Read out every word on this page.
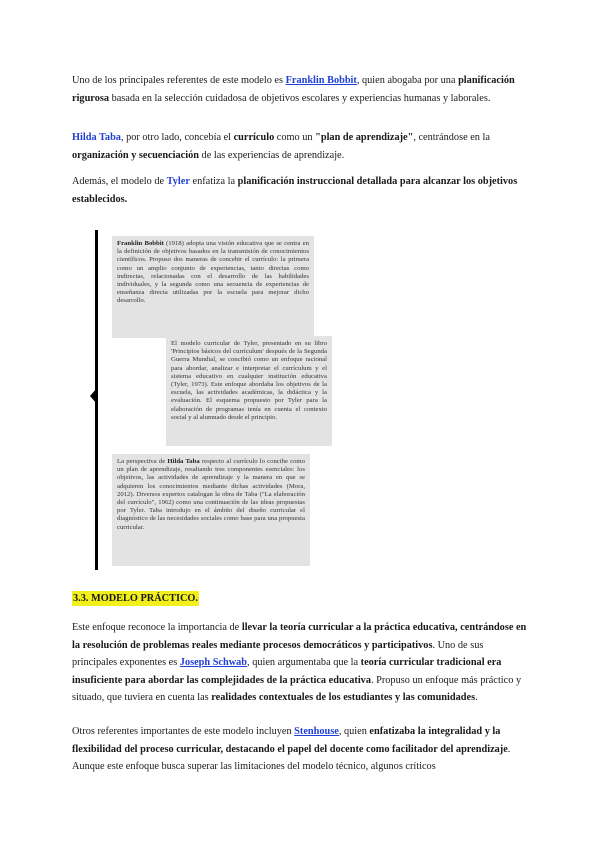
Uno de los principales referentes de este modelo es Franklin Bobbit, quien abogaba por una planificación rigurosa basada en la selección cuidadosa de objetivos escolares y experiencias humanas y laborales.

Hilda Taba, por otro lado, concebía el currículo como un "plan de aprendizaje", centrándose en la organización y secuenciación de las experiencias de aprendizaje.

Además, el modelo de Tyler enfatiza la planificación instruccional detallada para alcanzar los objetivos establecidos.

Franklin Bobbit (1918) adopta una visión educativa que se centra en la definición de objetivos basados en la transmisión de conocimientos científicos. Propuso dos maneras de concebir el currículo: la primera como un amplio conjunto de experiencias, tanto directas como indirectas, relacionadas con el desarrollo de las habilidades individuales, y la segunda como una secuencia de experiencias de enseñanza directa utilizadas por la escuela para mejorar dicho desarrollo.
El modelo curricular de Tyler, presentado en su libro 'Principios básicos del currículum' después de la Segunda Guerra Mundial, se concibió como un enfoque racional para abordar, analizar e interpretar el currículum y el sistema educativo en cualquier institución educativa (Tyler, 1973). Este enfoque abordaba los objetivos de la escuela, las actividades académicas, la didáctica y la evaluación. El esquema propuesto por Tyler para la elaboración de programas tenía en cuenta el contexto social y al alumnado desde el principio.
La perspectiva de Hilda Taba respecto al currículo lo concibe como un plan de aprendizaje, resaltando tres componentes esenciales: los objetivos, las actividades de aprendizaje y la manera en que se adquieren los conocimientos mediante dichas actividades (Mora, 2012). Diversos expertos catalogan la obra de Taba ("La elaboración del currículo", 1962) como una continuación de las ideas propuestas por Tyler. Taba introdujo en el ámbito del diseño curricular el diagnóstico de las necesidades sociales como base para una propuesta curricular.
3.3. MODELO PRÁCTICO.

Este enfoque reconoce la importancia de llevar la teoría curricular a la práctica educativa, centrándose en la resolución de problemas reales mediante procesos democráticos y participativos. Uno de sus principales exponentes es Joseph Schwab, quien argumentaba que la teoría curricular tradicional era insuficiente para abordar las complejidades de la práctica educativa. Propuso un enfoque más práctico y situado, que tuviera en cuenta las realidades contextuales de los estudiantes y las comunidades.

Otros referentes importantes de este modelo incluyen Stenhouse, quien enfatizaba la integralidad y la flexibilidad del proceso curricular, destacando el papel del docente como facilitador del aprendizaje. Aunque este enfoque busca superar las limitaciones del modelo técnico, algunos críticos
